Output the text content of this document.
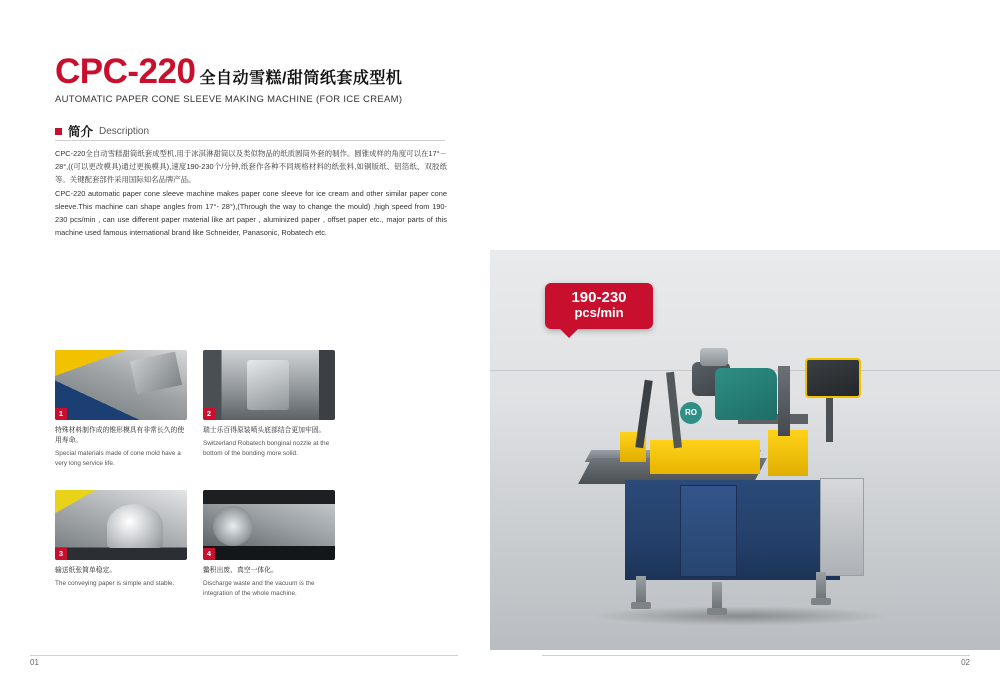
CPC-220 全自动雪糕/甜筒纸套成型机
AUTOMATIC PAPER CONE SLEEVE MAKING MACHINE (FOR ICE CREAM)
简介 Description
CPC-220全自动雪糕甜筒纸套成型机,用于冰淇淋甜筒以及类似物品的纸质圆筒外套的制作。圆锥成样的角度可以在17°－28°,((可以更改模具)通过更换模具),速度190-230个/分钟,纸套作各种不同规格材料的纸张料,如铜版纸、铝箔纸、双胶纸等。关键配套部件采用国际知名品牌产品。
CPC-220 automatic paper cone sleeve machine makes paper cone sleeve for ice cream and other similar paper cone sleeve.This machine can shape angles from 17°- 28°),(Through the way to change the mould) ,high speed from 190-230 pcs/min , can use different paper material like art paper , aluminized paper , offset paper etc., major parts of this machine used famous international brand like Schneider, Panasonic, Robatech etc.
1
特殊材料制作成的锥形模具有非常长久的使用寿命。
Special materials made of cone mold have a very long service life.
2
瑞士乐百得原装喷头底部结合更加牢固。
Switzerland Robatech bonginal nozzle at the bottom of the bonding more solid.
3
输送纸张简单稳定。
The conveying paper is simple and stable.
4
鳖积出废、真空一体化。
Discharge waste and the vacuum is the integration of the whole machine.
01

			02
RO
190-230
pcs/min
